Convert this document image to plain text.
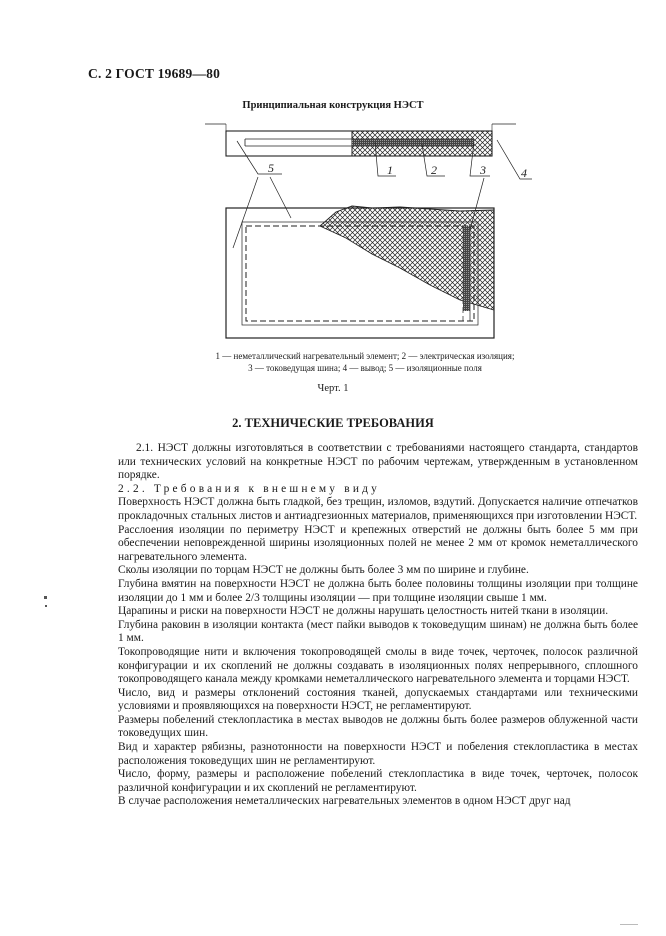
С. 2 ГОСТ 19689—80
Принципиальная конструкция НЭСТ
5	1	2	3	4
1 — неметаллический нагревательный элемент; 2 — электрическая изоляция;
3 — токоведущая шина; 4 — вывод; 5 — изоляционные поля
Черт. 1
2. ТЕХНИЧЕСКИЕ ТРЕБОВАНИЯ

2.1. НЭСТ должны изготовляться в соответствии с требованиями настоящего стандарта, стандартов или технических условий на конкретные НЭСТ по рабочим чертежам, утвержденным в установленном порядке.

2.2. Требования к внешнему виду

Поверхность НЭСТ должна быть гладкой, без трещин, изломов, вздутий. Допускается наличие отпечатков прокладочных стальных листов и антиадгезионных материалов, применяющихся при изготовлении НЭСТ.

Расслоения изоляции по периметру НЭСТ и крепежных отверстий не должны быть более 5 мм при обеспечении неповрежденной ширины изоляционных полей не менее 2 мм от кромок неметаллического нагревательного элемента.

Сколы изоляции по торцам НЭСТ не должны быть более 3 мм по ширине и глубине.

Глубина вмятин на поверхности НЭСТ не должна быть более половины толщины изоляции при толщине изоляции до 1 мм и более 2/3 толщины изоляции — при толщине изоляции свыше 1 мм.

Царапины и риски на поверхности НЭСТ не должны нарушать целостность нитей ткани в изоляции.

Глубина раковин в изоляции контакта (мест пайки выводов к токоведущим шинам) не должна быть более 1 мм.

Токопроводящие нити и включения токопроводящей смолы в виде точек, черточек, полосок различной конфигурации и их скоплений не должны создавать в изоляционных полях непрерывного, сплошного токопроводящего канала между кромками неметаллического нагревательного элемента и торцами НЭСТ.

Число, вид и размеры отклонений состояния тканей, допускаемых стандартами или техническими условиями и проявляющихся на поверхности НЭСТ, не регламентируют.

Размеры побелений стеклопластика в местах выводов не должны быть более размеров облуженной части токоведущих шин.

Вид и характер рябизны, разнотонности на поверхности НЭСТ и побеления стеклопластика в местах расположения токоведущих шин не регламентируют.

Число, форму, размеры и расположение побелений стеклопластика в виде точек, черточек, полосок различной конфигурации и их скоплений не регламентируют.

В случае расположения неметаллических нагревательных элементов в одном НЭСТ друг над
